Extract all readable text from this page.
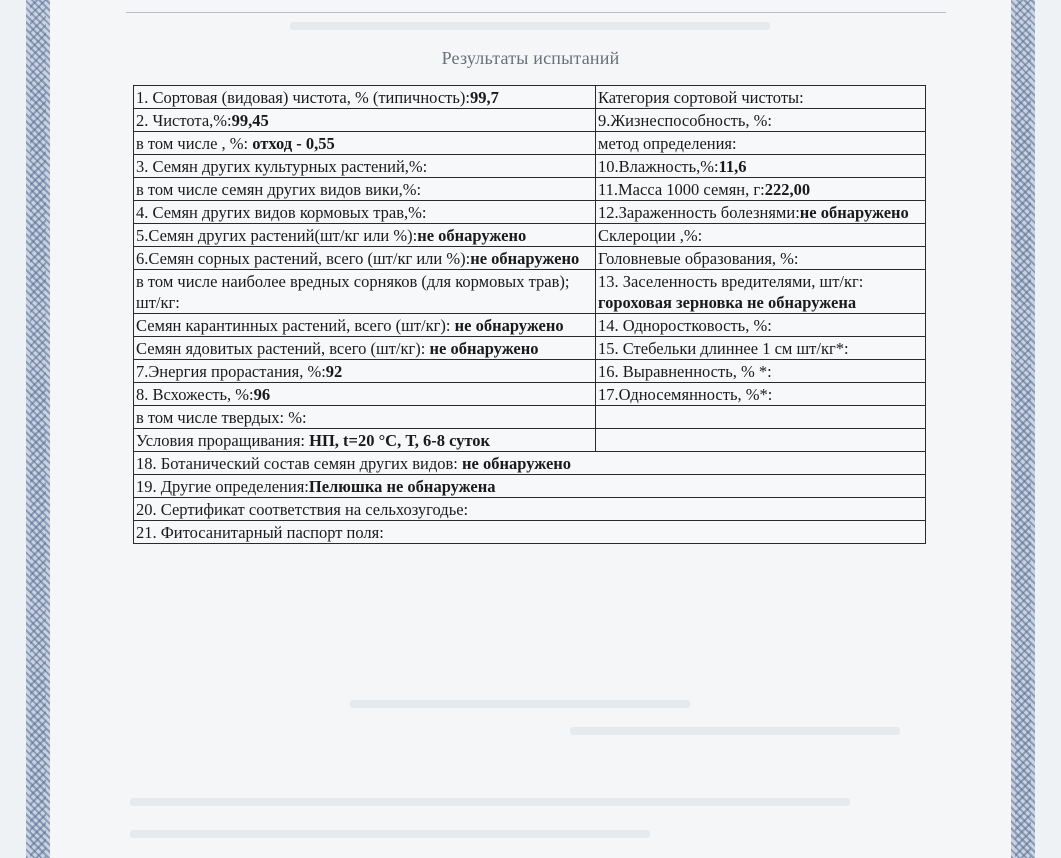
Результаты испытаний
1. Сортовая (видовая) чистота, % (типичность):99,7	Категория сортовой чистоты:
2. Чистота,%:99,45	9.Жизнеспособность, %:
в том числе , %: отход - 0,55	метод определения:
3. Семян других культурных растений,%:	10.Влажность,%:11,6
в том числе семян других видов вики,%:	11.Масса 1000 семян, г:222,00
4. Семян других видов кормовых трав,%:	12.Зараженность болезнями:не обнаружено
5.Семян других растений(шт/кг или %):не обнаружено	Склероции ,%:
6.Семян сорных растений, всего (шт/кг или %):не обнаружено	Головневые образования, %:
в том числе наиболее вредных сорняков (для кормовых трав); шт/кг:	13. Заселенность вредителями, шт/кг: гороховая зерновка не обнаружена
Семян карантинных растений, всего (шт/кг): не обнаружено	14. Одноростковость, %:
Семян ядовитых растений, всего (шт/кг): не обнаружено	15. Стебельки длиннее 1 см шт/кг*:
7.Энергия прорастания, %:92	16. Выравненность, % *:
8. Всхожесть, %:96	17.Односемянность, %*:
в том числе твердых: %:	
Условия проращивания: НП, t=20 °С, Т, 6-8 суток	
18. Ботанический состав семян других видов: не обнаружено	
19. Другие определения:Пелюшка не обнаружена	
20. Сертификат соответствия на сельхозугодье:	
21. Фитосанитарный паспорт поля:	
